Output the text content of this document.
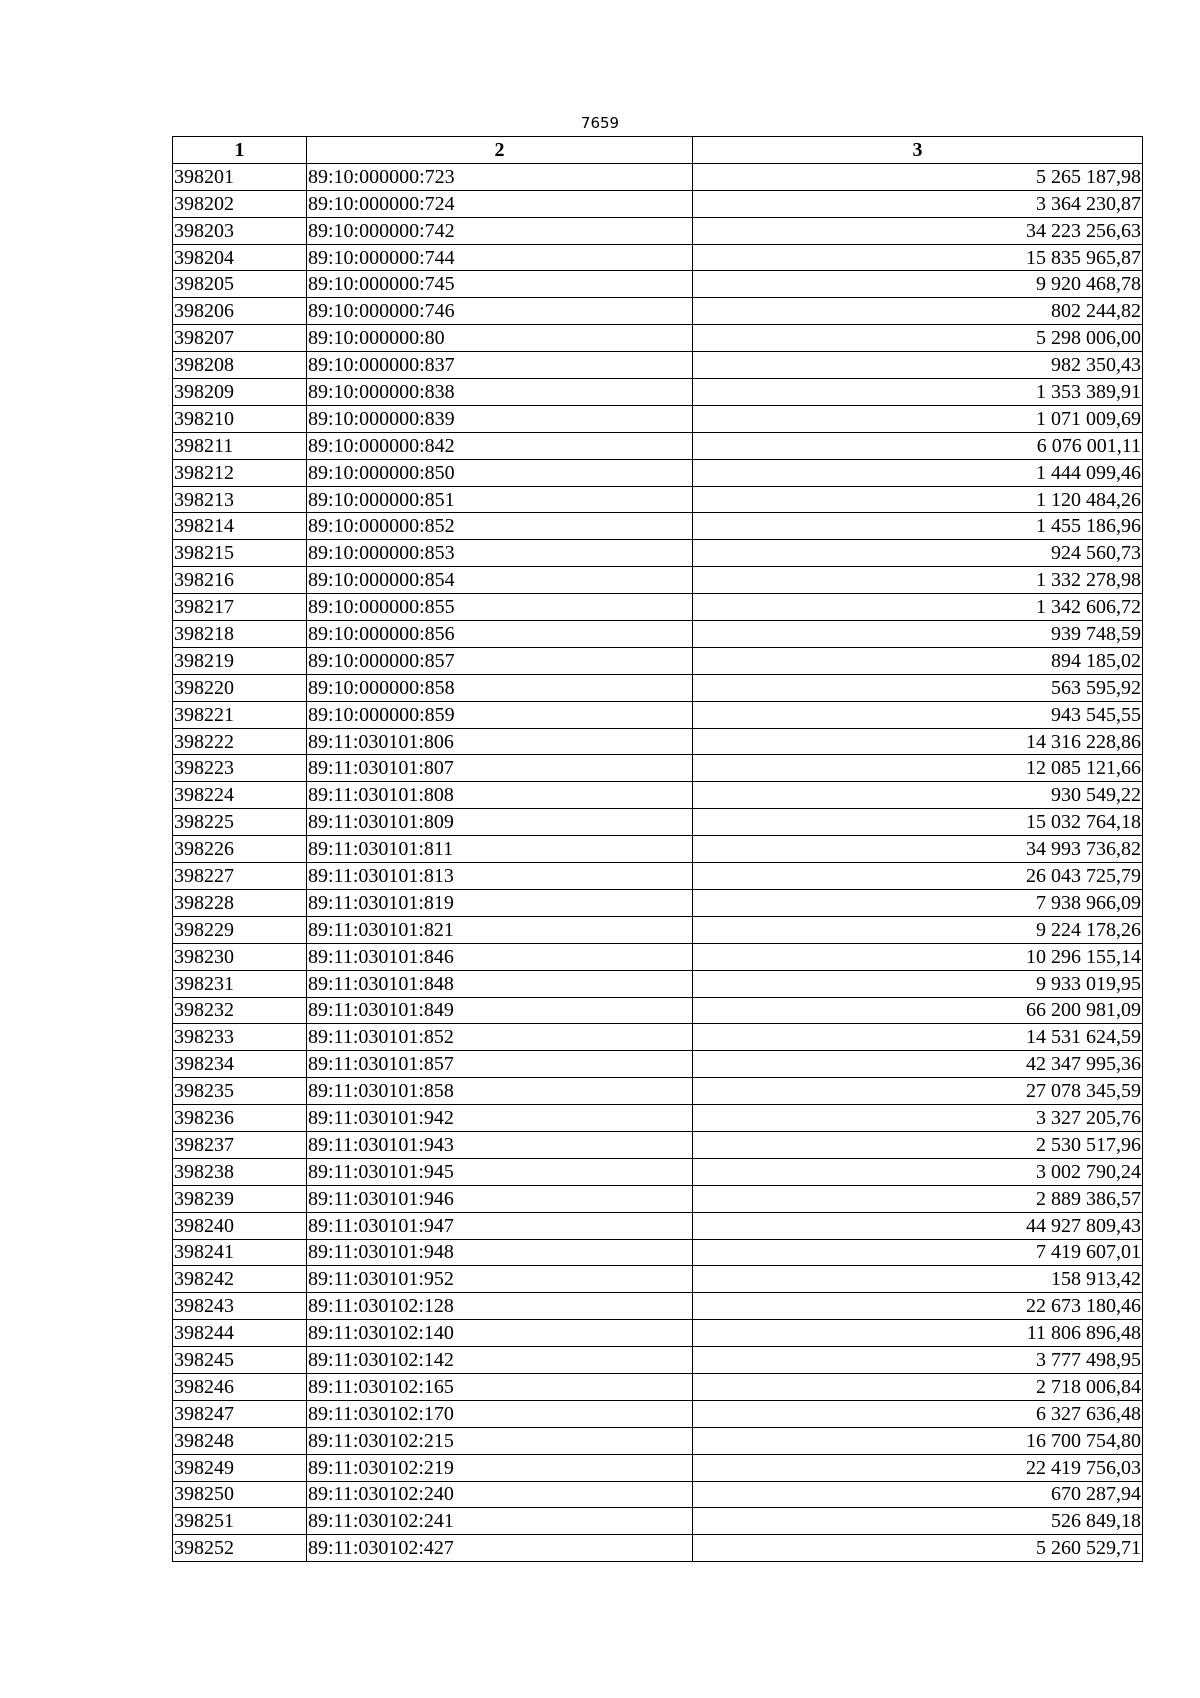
7659
1	2	3
398201	89:10:000000:723	5 265 187,98
398202	89:10:000000:724	3 364 230,87
398203	89:10:000000:742	34 223 256,63
398204	89:10:000000:744	15 835 965,87
398205	89:10:000000:745	9 920 468,78
398206	89:10:000000:746	802 244,82
398207	89:10:000000:80	5 298 006,00
398208	89:10:000000:837	982 350,43
398209	89:10:000000:838	1 353 389,91
398210	89:10:000000:839	1 071 009,69
398211	89:10:000000:842	6 076 001,11
398212	89:10:000000:850	1 444 099,46
398213	89:10:000000:851	1 120 484,26
398214	89:10:000000:852	1 455 186,96
398215	89:10:000000:853	924 560,73
398216	89:10:000000:854	1 332 278,98
398217	89:10:000000:855	1 342 606,72
398218	89:10:000000:856	939 748,59
398219	89:10:000000:857	894 185,02
398220	89:10:000000:858	563 595,92
398221	89:10:000000:859	943 545,55
398222	89:11:030101:806	14 316 228,86
398223	89:11:030101:807	12 085 121,66
398224	89:11:030101:808	930 549,22
398225	89:11:030101:809	15 032 764,18
398226	89:11:030101:811	34 993 736,82
398227	89:11:030101:813	26 043 725,79
398228	89:11:030101:819	7 938 966,09
398229	89:11:030101:821	9 224 178,26
398230	89:11:030101:846	10 296 155,14
398231	89:11:030101:848	9 933 019,95
398232	89:11:030101:849	66 200 981,09
398233	89:11:030101:852	14 531 624,59
398234	89:11:030101:857	42 347 995,36
398235	89:11:030101:858	27 078 345,59
398236	89:11:030101:942	3 327 205,76
398237	89:11:030101:943	2 530 517,96
398238	89:11:030101:945	3 002 790,24
398239	89:11:030101:946	2 889 386,57
398240	89:11:030101:947	44 927 809,43
398241	89:11:030101:948	7 419 607,01
398242	89:11:030101:952	158 913,42
398243	89:11:030102:128	22 673 180,46
398244	89:11:030102:140	11 806 896,48
398245	89:11:030102:142	3 777 498,95
398246	89:11:030102:165	2 718 006,84
398247	89:11:030102:170	6 327 636,48
398248	89:11:030102:215	16 700 754,80
398249	89:11:030102:219	22 419 756,03
398250	89:11:030102:240	670 287,94
398251	89:11:030102:241	526 849,18
398252	89:11:030102:427	5 260 529,71
